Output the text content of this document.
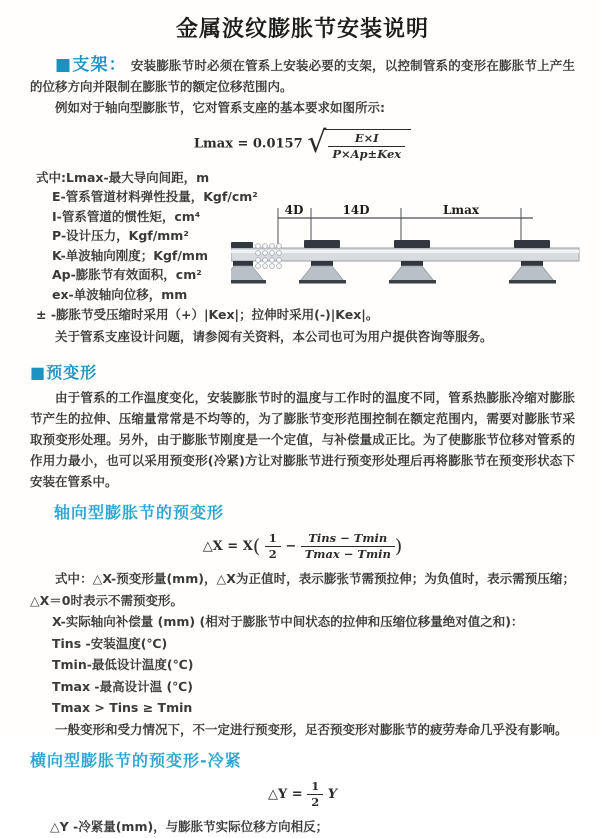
金属波纹膨胀节安装说明

■支架： 安装膨胀节时必须在管系上安装必要的支架，以控制管系的变形在膨胀节上产生的位移方向并限制在膨胀节的额定位移范围内。

例如对于轴向型膨胀节，它对管系支座的基本要求如图所示:

Lmax = 0.0157 √	E×I
P×Ap±Kex
式中:Lmax-最大导向间距，m
E-管系管道材料弹性投量，Kgf/cm²
I-管系管道的惯性矩，cm⁴
P-设计压力，Kgf/mm²
K-单波轴向刚度；Kgf/mm
Ap-膨胀节有效面积，cm²
ex-单波轴向位移，mm
4D	14D	Lmax
± -膨胀节受压缩时采用（+）|Kex|；拉伸时采用(-)|Kex|。
关于管系支座设计问题，请参阅有关资料，本公司也可为用户提供咨询等服务。
■预变形

由于管系的工作温度变化，安装膨胀节时的温度与工作时的温度不同，管系热膨胀冷缩对膨胀节产生的拉伸、压缩量常常是不均等的，为了膨胀节变形范围控制在额定范围内，需要对膨胀节采取预变形处理。另外，由于膨胀节刚度是一个定值，与补偿量成正比。为了使膨胀节位移对管系的作用力最小，也可以采用预变形(冷紧)方让对膨胀节进行预变形处理后再将膨胀节在预变形状态下安装在管系中。

轴向型膨胀节的预变形
△X = $X( \frac{1}{2}$ −
Tins − Tmin
Tmax − Tmin )

式中：△X-预变形量(mm)，△X为正值时，表示膨张节需预拉伸；为负值时，表示需预压缩；△X＝0时表示不需预变形。

X-实际轴向补偿量 (mm) (相对于膨胀节中间状态的拉伸和压缩位移量绝对值之和)：
Tins -安装温度(℃)
Tmin-最低设计温度(℃)
Tmax -最高设计温 (℃)
Tmax > Tins ≥ Tmin

一般变形和受力情况下，不一定进行预变形，足否预变形对膨胀节的疲劳寿命几乎没有影响。

横向型膨胀节的预变形-冷紧
△Y = $\frac{1}{2}$ Y

△Y -冷紧量(mm)，与膨胀节实际位移方向相反；
